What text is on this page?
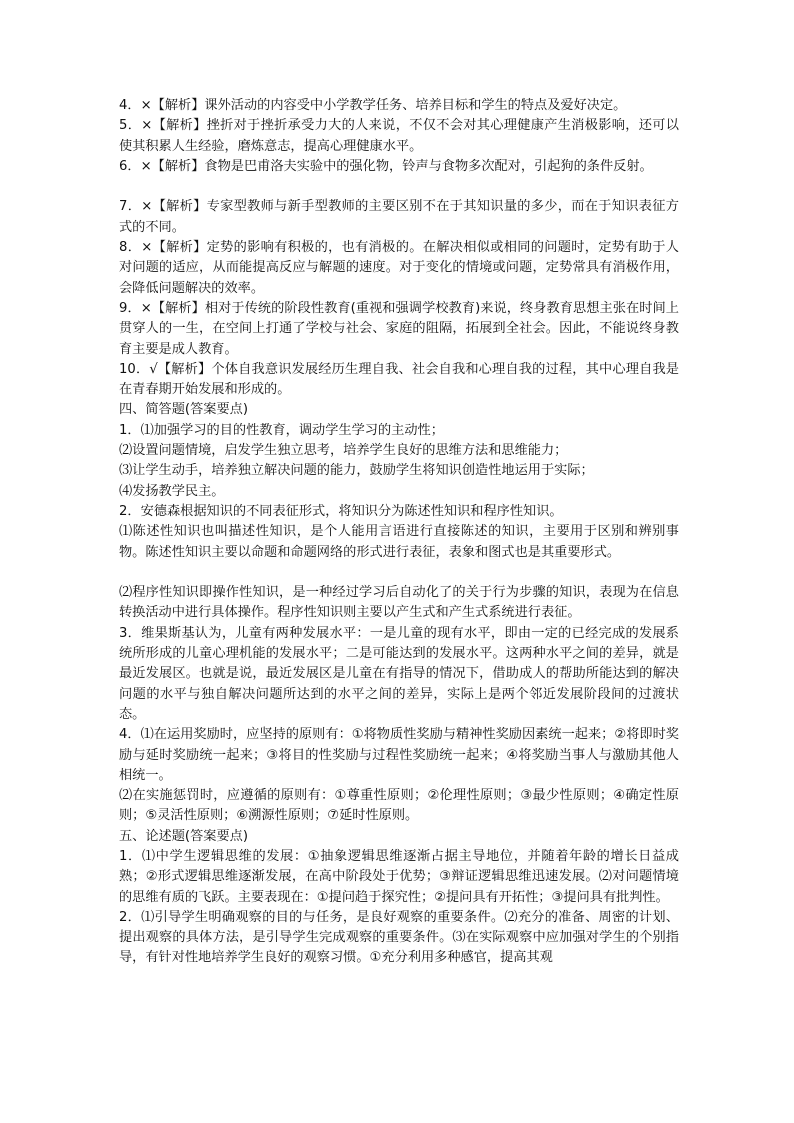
4．×【解析】课外活动的内容受中小学教学任务、培养目标和学生的特点及爱好决定。

5．×【解析】挫折对于挫折承受力大的人来说，不仅不会对其心理健康产生消极影响，还可以使其积累人生经验，磨炼意志，提高心理健康水平。

6．×【解析】食物是巴甫洛夫实验中的强化物，铃声与食物多次配对，引起狗的条件反射。

7．×【解析】专家型教师与新手型教师的主要区别不在于其知识量的多少，而在于知识表征方式的不同。

8．×【解析】定势的影响有积极的，也有消极的。在解决相似或相同的问题时，定势有助于人对问题的适应，从而能提高反应与解题的速度。对于变化的情境或问题，定势常具有消极作用，会降低问题解决的效率。

9．×【解析】相对于传统的阶段性教育(重视和强调学校教育)来说，终身教育思想主张在时间上贯穿人的一生，在空间上打通了学校与社会、家庭的阻隔，拓展到全社会。因此，不能说终身教育主要是成人教育。

10．√【解析】个体自我意识发展经历生理自我、社会自我和心理自我的过程，其中心理自我是在青春期开始发展和形成的。

四、简答题(答案要点)

1．⑴加强学习的目的性教育，调动学生学习的主动性；

⑵设置问题情境，启发学生独立思考，培养学生良好的思维方法和思维能力；

⑶让学生动手，培养独立解决问题的能力，鼓励学生将知识创造性地运用于实际；

⑷发扬教学民主。

2．安德森根据知识的不同表征形式，将知识分为陈述性知识和程序性知识。

⑴陈述性知识也叫描述性知识，是个人能用言语进行直接陈述的知识，主要用于区别和辨别事物。陈述性知识主要以命题和命题网络的形式进行表征，表象和图式也是其重要形式。

⑵程序性知识即操作性知识，是一种经过学习后自动化了的关于行为步骤的知识，表现为在信息转换活动中进行具体操作。程序性知识则主要以产生式和产生式系统进行表征。

3．维果斯基认为，儿童有两种发展水平：一是儿童的现有水平，即由一定的已经完成的发展系统所形成的儿童心理机能的发展水平；二是可能达到的发展水平。这两种水平之间的差异，就是最近发展区。也就是说，最近发展区是儿童在有指导的情况下，借助成人的帮助所能达到的解决问题的水平与独自解决问题所达到的水平之间的差异，实际上是两个邻近发展阶段间的过渡状态。

4．⑴在运用奖励时，应坚持的原则有：①将物质性奖励与精神性奖励因素统一起来；②将即时奖励与延时奖励统一起来；③将目的性奖励与过程性奖励统一起来；④将奖励当事人与激励其他人相统一。

⑵在实施惩罚时，应遵循的原则有：①尊重性原则；②伦理性原则；③最少性原则；④确定性原则；⑤灵活性原则；⑥溯源性原则；⑦延时性原则。

五、论述题(答案要点)

1．⑴中学生逻辑思维的发展：①抽象逻辑思维逐渐占据主导地位，并随着年龄的增长日益成熟；②形式逻辑思维逐渐发展，在高中阶段处于优势；③辩证逻辑思维迅速发展。⑵对问题情境的思维有质的飞跃。主要表现在：①提问趋于探究性；②提问具有开拓性；③提问具有批判性。

2．⑴引导学生明确观察的目的与任务，是良好观察的重要条件。⑵充分的准备、周密的计划、提出观察的具体方法，是引导学生完成观察的重要条件。⑶在实际观察中应加强对学生的个别指导，有针对性地培养学生良好的观察习惯。①充分利用多种感官，提高其观
